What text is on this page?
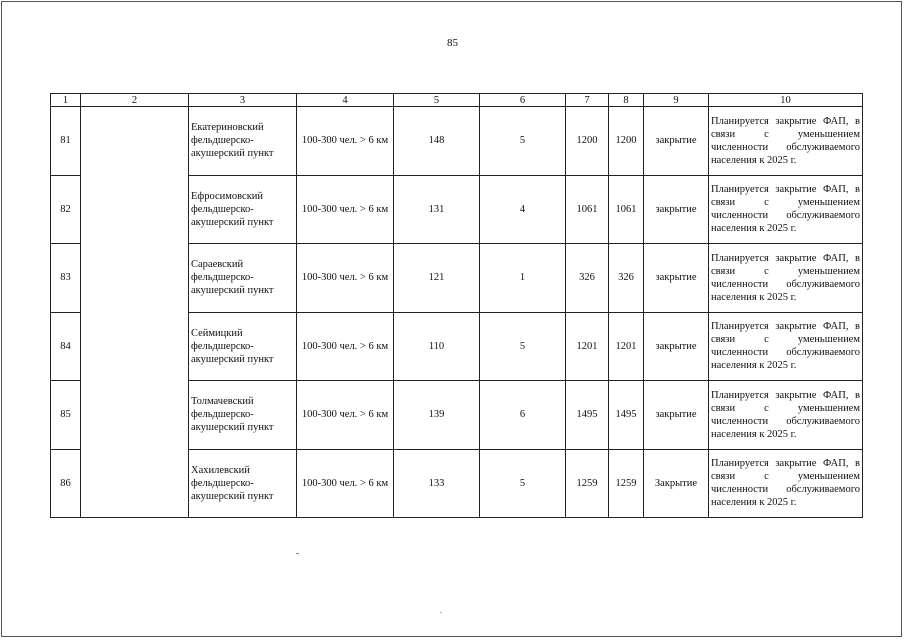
85
1	2	3	4	5	6	7	8	9	10
81		Екатериновский фельдшерско-акушерский пункт	100-300 чел. > 6 км	148	5	1200	1200	закрытие	Планируется закрытие ФАП, в связи с уменьшением численности обслуживаемого населения к 2025 г.
82		Ефросимовский фельдшерско-акушерский пункт	100-300 чел. > 6 км	131	4	1061	1061	закрытие	Планируется закрытие ФАП, в связи с уменьшением численности обслуживаемого населения к 2025 г.
83		Сараевский фельдшерско-акушерский пункт	100-300 чел. > 6 км	121	1	326	326	закрытие	Планируется закрытие ФАП, в связи с уменьшением численности обслуживаемого населения к 2025 г.
84		Сеймицкий фельдшерско-акушерский пункт	100-300 чел. > 6 км	110	5	1201	1201	закрытие	Планируется закрытие ФАП, в связи с уменьшением численности обслуживаемого населения к 2025 г.
85		Толмачевский фельдшерско-акушерский пункт	100-300 чел. > 6 км	139	6	1495	1495	закрытие	Планируется закрытие ФАП, в связи с уменьшением численности обслуживаемого населения к 2025 г.
86		Хахилевский фельдшерско-акушерский пункт	100-300 чел. > 6 км	133	5	1259	1259	Закрытие	Планируется закрытие ФАП, в связи с уменьшением численности обслуживаемого населения к 2025 г.
